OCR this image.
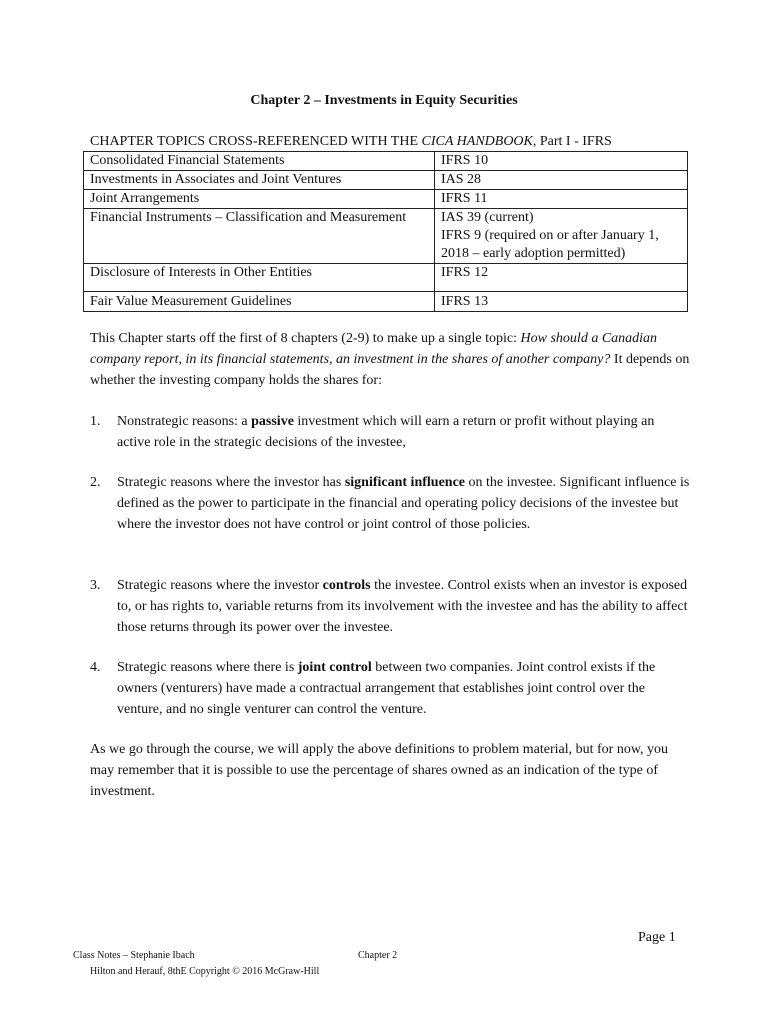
Chapter 2 – Investments in Equity Securities
CHAPTER TOPICS CROSS-REFERENCED WITH THE CICA HANDBOOK, Part I - IFRS
Consolidated Financial Statements	IFRS 10
Investments in Associates and Joint Ventures	IAS 28
Joint Arrangements	IFRS 11
Financial Instruments – Classification and Measurement	IAS 39 (current)
IFRS 9 (required on or after January 1, 2018 – early adoption permitted)

Disclosure of Interests in Other Entities	IFRS 12
Fair Value Measurement Guidelines	IFRS 13
This Chapter starts off the first of 8 chapters (2-9) to make up a single topic: How should a Canadian company report, in its financial statements, an investment in the shares of another company? It depends on whether the investing company holds the shares for:
1. Nonstrategic reasons: a passive investment which will earn a return or profit without playing an active role in the strategic decisions of the investee,
2. Strategic reasons where the investor has significant influence on the investee. Significant influence is defined as the power to participate in the financial and operating policy decisions of the investee but where the investor does not have control or joint control of those policies.
3. Strategic reasons where the investor controls the investee. Control exists when an investor is exposed to, or has rights to, variable returns from its involvement with the investee and has the ability to affect those returns through its power over the investee.
4. Strategic reasons where there is joint control between two companies. Joint control exists if the owners (venturers) have made a contractual arrangement that establishes joint control over the venture, and no single venturer can control the venture.
As we go through the course, we will apply the above definitions to problem material, but for now, you may remember that it is possible to use the percentage of shares owned as an indication of the type of investment.
Page 1
Class Notes – Stephanie Ibach	Chapter 2
Hilton and Herauf, 8thE Copyright © 2016 McGraw-Hill
